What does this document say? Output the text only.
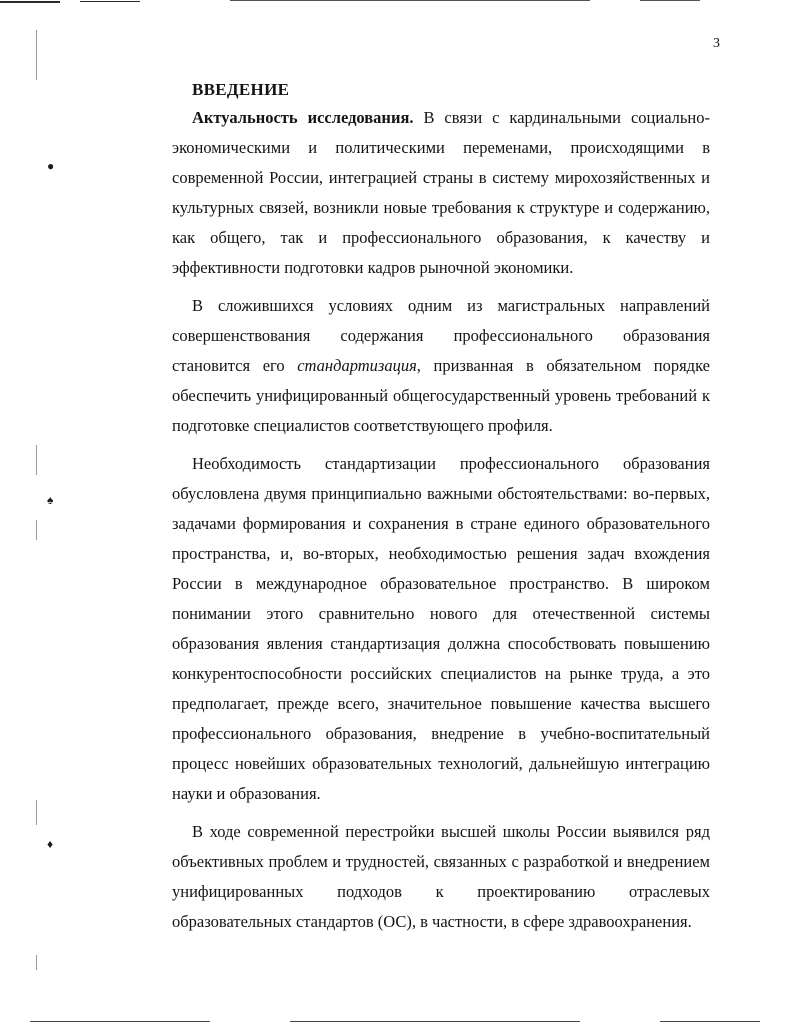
●
♠
♦
3
ВВЕДЕНИЕ

Актуальность исследования. В связи с кардинальными социально-экономическими и политическими переменами, происходящими в современной России, интеграцией страны в систему мирохозяйственных и культурных связей, возникли новые требования к структуре и содержанию, как общего, так и профессионального образования, к качеству и эффективности подготовки кадров рыночной экономики.

В сложившихся условиях одним из магистральных направлений совершенствования содержания профессионального образования становится его стандартизация, призванная в обязательном порядке обеспечить унифицированный общегосударственный уровень требований к подготовке специалистов соответствующего профиля.

Необходимость стандартизации профессионального образования обусловлена двумя принципиально важными обстоятельствами: во-первых, задачами формирования и сохранения в стране единого образовательного пространства, и, во-вторых, необходимостью решения задач вхождения России в международное образовательное пространство. В широком понимании этого сравнительно нового для отечественной системы образования явления стандартизация должна способствовать повышению конкурентоспособности российских специалистов на рынке труда, а это предполагает, прежде всего, значительное повышение качества высшего профессионального образования, внедрение в учебно-воспитательный процесс новейших образовательных технологий, дальнейшую интеграцию науки и образования.

В ходе современной перестройки высшей школы России выявился ряд объективных проблем и трудностей, связанных с разработкой и внедрением унифицированных подходов к проектированию отраслевых образовательных стандартов (ОС), в частности, в сфере здравоохранения.
